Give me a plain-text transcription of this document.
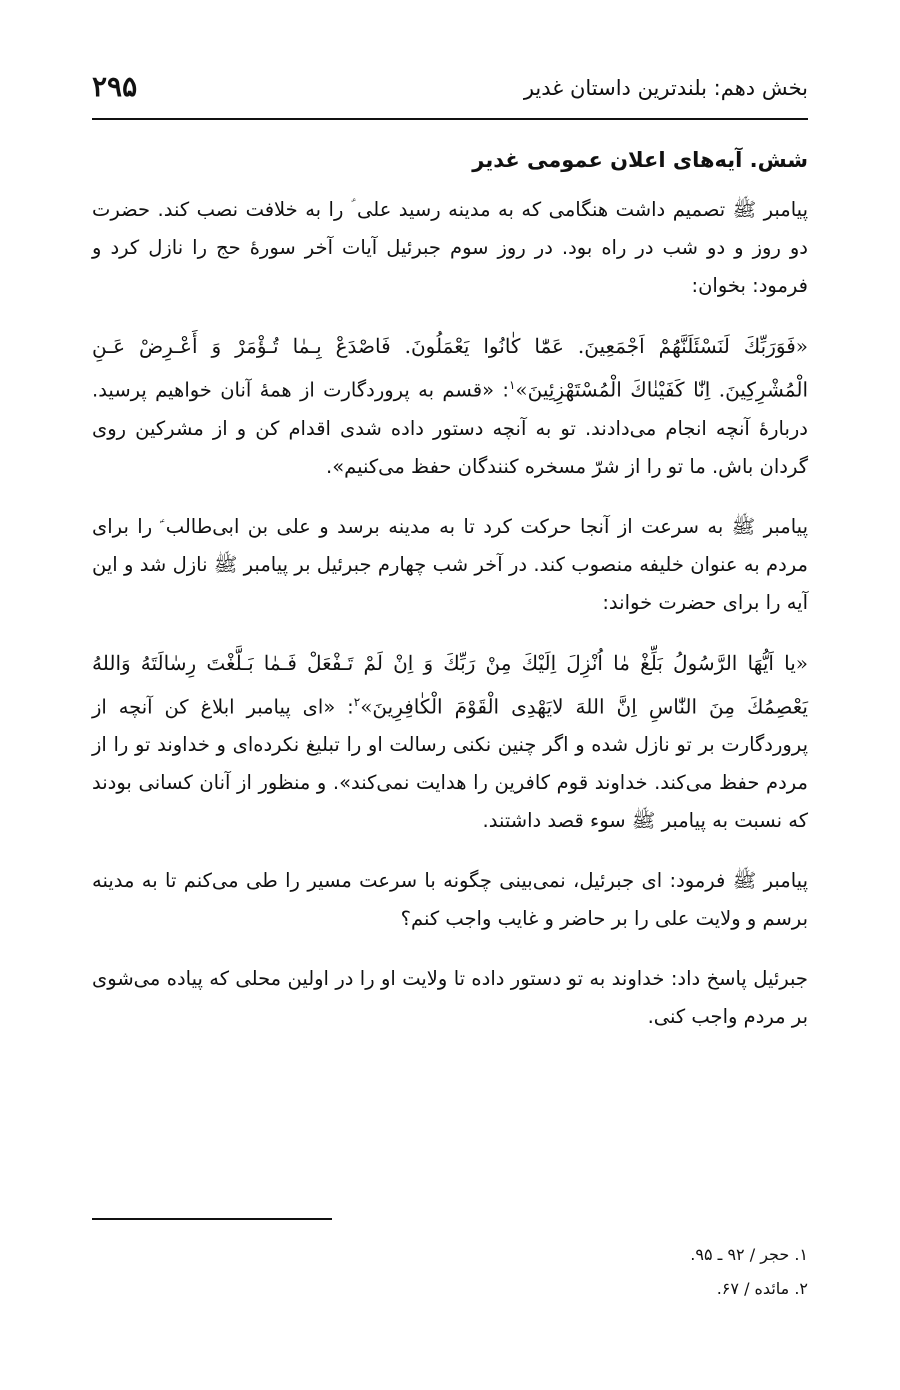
بخش دهم: بلندترین داستان غدیر
۲۹۵
شش. آیه‌های اعلان عمومی غدیر

پیامبر ﷺ تصمیم داشت هنگامی که به مدینه رسید علی ؑ را به خلافت نصب کند. حضرت دو روز و دو شب در راه بود. در روز سوم جبرئیل آیات آخر سورهٔ حج را نازل کرد و فرمود: بخوان:

«فَوَرَبِّكَ لَنَسْئَلَنَّهُمْ اَجْمَعِينَ. عَمّٰا كٰانُوا يَعْمَلُونَ. فَاصْدَعْ بِـمٰا تُـؤْمَرْ وَ أَعْـرِضْ عَـنِ الْمُشْرِكِينَ. اِنّٰا كَفَيْنٰاكَ الْمُسْتَهْزِئِينَ»$^۱$: «قسم به پروردگارت از همهٔ آنان خواهیم پرسید. دربارهٔ آنچه انجام می‌دادند. تو به آنچه دستور داده شدی اقدام کن و از مشرکین روی گردان باش. ما تو را از شرّ مسخره کنندگان حفظ می‌کنیم».

پیامبر ﷺ به سرعت از آنجا حرکت کرد تا به مدینه برسد و علی بن ابی‌طالب ؑ را برای مردم به عنوان خلیفه منصوب کند. در آخر شب چهارم جبرئیل بر پیامبر ﷺ نازل شد و این آیه را برای حضرت خواند:

«يا اَيُّهَا الرَّسُولُ بَلِّغْ مٰا اُنْزِلَ اِلَيْكَ مِنْ رَبِّكَ وَ اِنْ لَمْ تَـفْعَلْ فَـمٰا بَـلَّغْتَ رِسٰالَتَهُ وَاللهُ يَعْصِمُكَ مِنَ النّٰاسِ اِنَّ اللهَ لايَهْدِى الْقَوْمَ الْكٰافِرِينَ»$^۲$: «ای پیامبر ابلاغ کن آنچه از پروردگارت بر تو نازل شده و اگر چنین نکنی رسالت او را تبلیغ نکرده‌ای و خداوند تو را از مردم حفظ می‌کند. خداوند قوم کافرین را هدایت نمی‌کند». و منظور از آنان کسانی بودند که نسبت به پیامبر ﷺ سوء قصد داشتند.

پیامبر ﷺ فرمود: ای جبرئیل، نمی‌بینی چگونه با سرعت مسیر را طی می‌کنم تا به مدینه برسم و ولایت علی را بر حاضر و غایب واجب کنم؟

جبرئیل پاسخ داد: خداوند به تو دستور داده تا ولایت او را در اولین محلی که پیاده می‌شوی بر مردم واجب کنی.

۱. حجر / ۹۲ ـ ۹۵.

۲. مائده / ۶۷.
